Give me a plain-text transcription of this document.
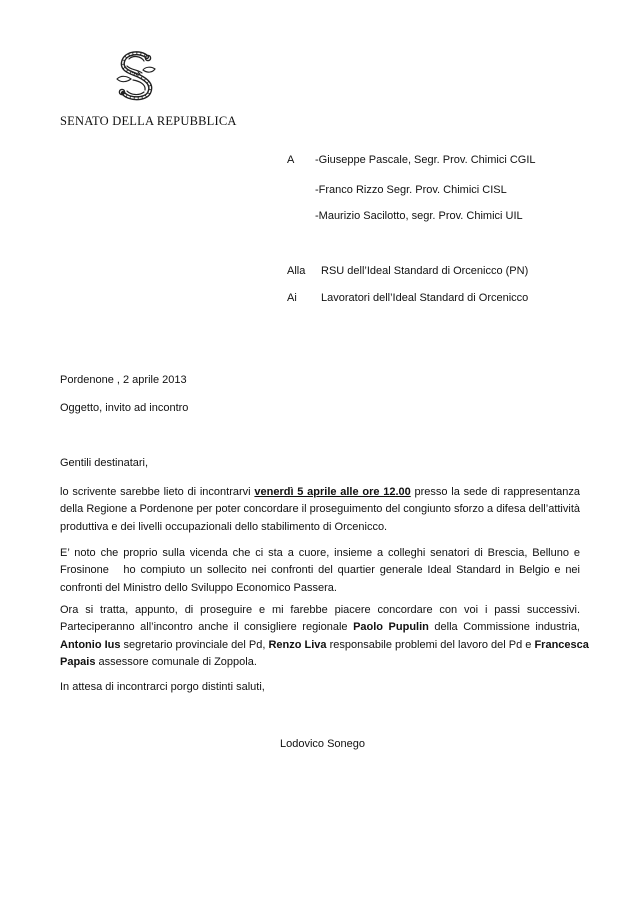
SENATO DELLA REPUBBLICA
A -Giuseppe Pascale, Segr. Prov. Chimici CGIL
-Franco Rizzo Segr. Prov. Chimici CISL
-Maurizio Sacilotto, segr. Prov. Chimici UIL
Alla RSU dell’Ideal Standard di Orcenicco (PN)
Ai Lavoratori dell’Ideal Standard di Orcenicco
Pordenone , 2 aprile 2013
Oggetto, invito ad incontro
Gentili destinatari,
lo scrivente sarebbe lieto di incontrarvi venerdì 5 aprile alle ore 12.00 presso la sede di rappresentanza
della Regione a Pordenone per poter concordare il proseguimento del congiunto sforzo a difesa dell’attività
produttiva e dei livelli occupazionali dello stabilimento di Orcenicco.
E’ noto che proprio sulla vicenda che ci sta a cuore, insieme a colleghi senatori di Brescia, Belluno e
Frosinone   ho compiuto un sollecito nei confronti del quartier generale Ideal Standard in Belgio e nei
confronti del Ministro dello Sviluppo Economico Passera.
Ora si tratta, appunto, di proseguire e mi farebbe piacere concordare con voi i passi successivi.
Parteciperanno all’incontro anche il consigliere regionale Paolo Pupulin della Commissione industria,
Antonio Ius segretario provinciale del Pd, Renzo Liva responsabile problemi del lavoro del Pd e Francesca
Papais assessore comunale di Zoppola.
In attesa di incontrarci porgo distinti saluti,
Lodovico Sonego
